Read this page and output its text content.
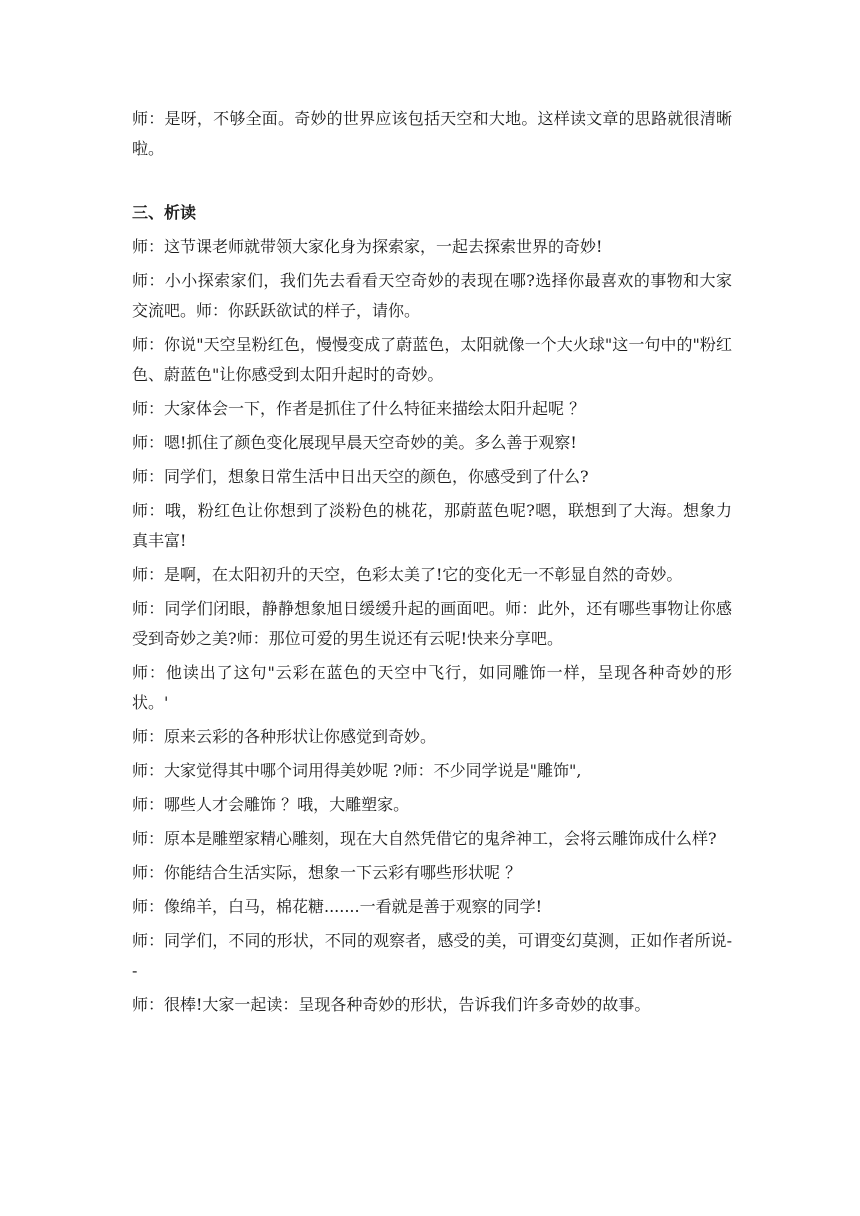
师：是呀，不够全面。奇妙的世界应该包括天空和大地。这样读文章的思路就很清晰啦。

三、析读

师：这节课老师就带领大家化身为探索家，一起去探索世界的奇妙!

师：小小探索家们，我们先去看看天空奇妙的表现在哪?选择你最喜欢的事物和大家交流吧。师：你跃跃欲试的样子，请你。

师：你说"天空呈粉红色，慢慢变成了蔚蓝色，太阳就像一个大火球"这一句中的"粉红色、蔚蓝色"让你感受到太阳升起时的奇妙。

师：大家体会一下，作者是抓住了什么特征来描绘太阳升起呢 ？

师：嗯!抓住了颜色变化展现早晨天空奇妙的美。多么善于观察!

师：同学们，想象日常生活中日出天空的颜色，你感受到了什么?

师：哦，粉红色让你想到了淡粉色的桃花，那蔚蓝色呢?嗯，联想到了大海。想象力真丰富!

师：是啊，在太阳初升的天空，色彩太美了!它的变化无一不彰显自然的奇妙。

师：同学们闭眼，静静想象旭日缓缓升起的画面吧。师：此外，还有哪些事物让你感受到奇妙之美?师：那位可爱的男生说还有云呢!快来分享吧。

师：他读出了这句"云彩在蓝色的天空中飞行，如同雕饰一样，呈现各种奇妙的形状。'

师：原来云彩的各种形状让你感觉到奇妙。

师：大家觉得其中哪个词用得美妙呢 ?师：不少同学说是"雕饰",

师：哪些人才会雕饰 ？哦，大雕塑家。

师：原本是雕塑家精心雕刻，现在大自然凭借它的鬼斧神工，会将云雕饰成什么样?

师：你能结合生活实际，想象一下云彩有哪些形状呢 ？

师：像绵羊，白马，棉花糖.......一看就是善于观察的同学!

师：同学们，不同的形状，不同的观察者，感受的美，可谓变幻莫测，正如作者所说--

师：很棒!大家一起读：呈现各种奇妙的形状，告诉我们许多奇妙的故事。
